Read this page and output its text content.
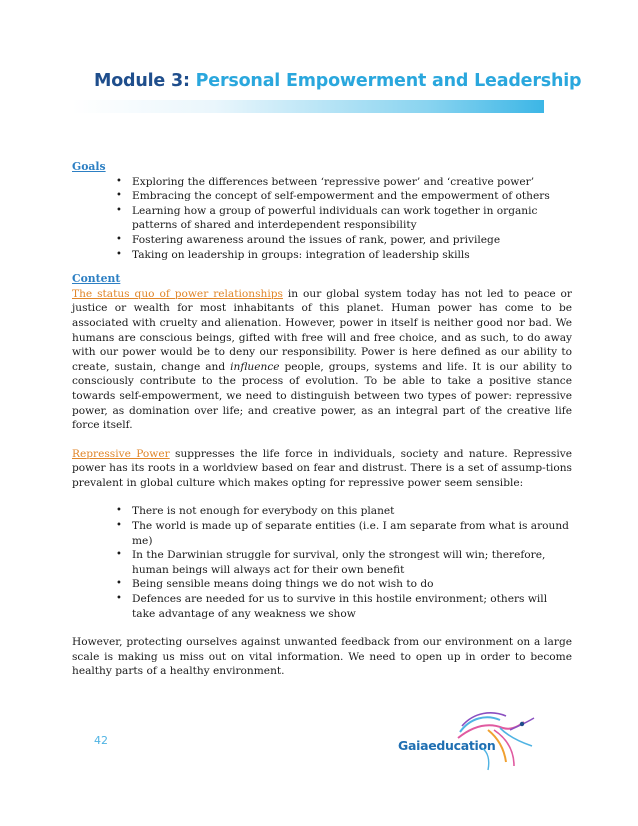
Module 3: Personal Empowerment and Leadership
Goals
• Exploring the differences between ‘repressive power’ and ‘creative power’
• Embracing the concept of self-empowerment and the empowerment of others
• Learning how a group of powerful individuals can work together in organic patterns of shared and interdependent responsibility
• Fostering awareness around the issues of rank, power, and privilege
• Taking on leadership in groups: integration of leadership skills
Content

The status quo of power relationships in our global system today has not led to peace or justice or wealth for most inhabitants of this planet. Human power has come to be associated with cruelty and alienation. However, power in itself is neither good nor bad. We humans are conscious beings, gifted with free will and free choice, and as such, to do away with our power would be to deny our responsibility. Power is here defined as our ability to create, sustain, change and influence people, groups, systems and life. It is our ability to consciously contribute to the process of evolution. To be able to take a positive stance towards self-empowerment, we need to distinguish between two types of power: repressive power, as domination over life; and creative power, as an integral part of the creative life force itself.

Repressive Power suppresses the life force in individuals, society and nature. Repressive power has its roots in a worldview based on fear and distrust. There is a set of assump-tions prevalent in global culture which makes opting for repressive power seem sensible:

• There is not enough for everybody on this planet
• The world is made up of separate entities (i.e. I am separate from what is around me)
• In the Darwinian struggle for survival, only the strongest will win; therefore, human beings will always act for their own benefit
• Being sensible means doing things we do not wish to do
• Defences are needed for us to survive in this hostile environment; others will take advantage of any weakness we show

However, protecting ourselves against unwanted feedback from our environment on a large scale is making us miss out on vital information. We need to open up in order to become healthy parts of a healthy environment.

42	Gaiaeducation
